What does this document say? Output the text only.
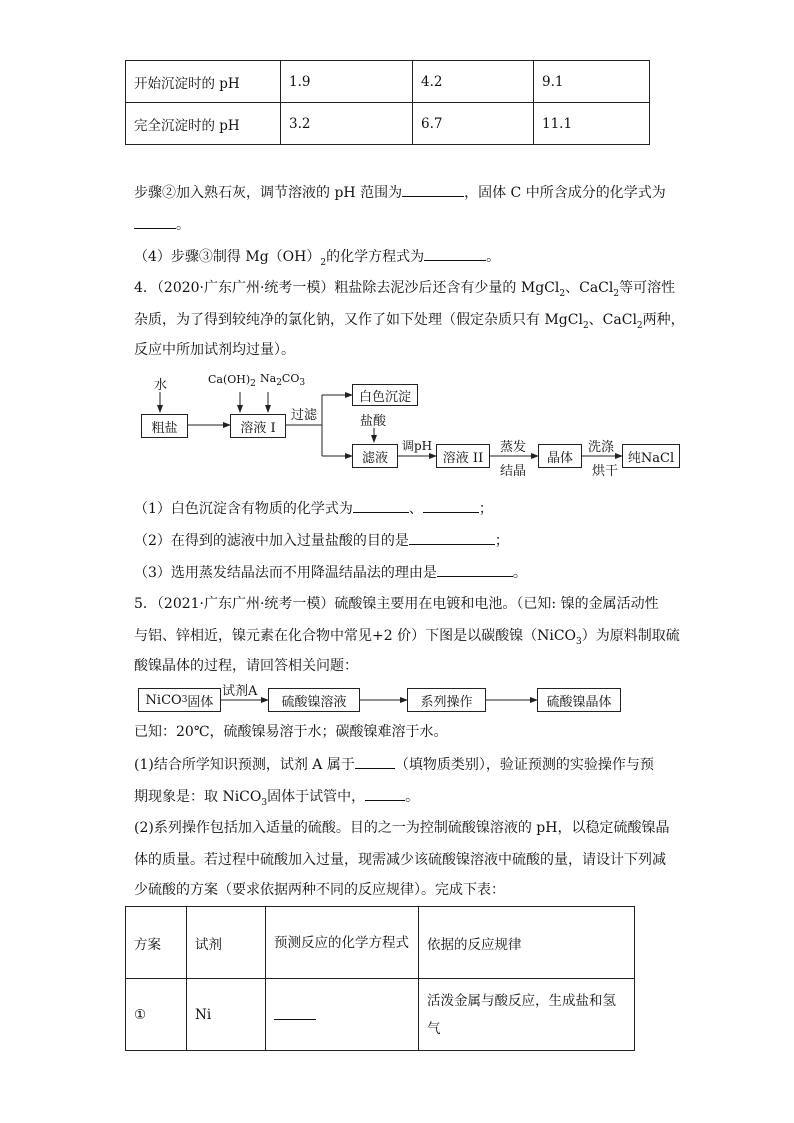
开始沉淀时的 pH	1.9	4.2	9.1
完全沉淀时的 pH	3.2	6.7	11.1
步骤②加入熟石灰，调节溶液的 pH 范围为	，固体 C 中所含成分的化学式为
。
（4）步骤③制得 $Mg(OH)_2$的化学方程式为	。
4．（2020·广东广州·统考一模）粗盐除去泥沙后还含有少量的 MgCl$_2$、CaCl$_2$等可溶性
杂质，为了得到较纯净的氯化钠，又作了如下处理（假定杂质只有 MgCl$_2$、CaCl$_2$两种，
反应中所加试剂均过量）。
水	$Ca(OH)_2$ $Na_2CO_3$
粗盐	溶液 I
过滤
白色沉淀
盐酸
滤液
调pH
溶液 II
蒸发
结晶
晶体
洗涤
烘干
纯NaCl
（1）白色沉淀含有物质的化学式为	、	；
（2）在得到的滤液中加入过量盐酸的目的是	；
（3）选用蒸发结晶法而不用降温结晶法的理由是	。
5．（2021·广东广州·统考一模）硫酸镍主要用在电镀和电池。（已知: 镍的金属活动性
与铝、锌相近，镍元素在化合物中常见+2 价）下图是以碳酸镍（NiCO$_3$）为原料制取硫
酸镍晶体的过程，请回答相关问题：
NiCO 3 固体
试剂A
硫酸镍溶液	系列操作	硫酸镍晶体
已知：20℃，硫酸镍易溶于水；碳酸镍难溶于水。
(1)结合所学知识预测，试剂 A 属于	（填物质类别），验证预测的实验操作与预
期现象是：取 NiCO$_3$固体于试管中，	。
(2)系列操作包括加入适量的硫酸。目的之一为控制硫酸镍溶液的 pH，以稳定硫酸镍晶
体的质量。若过程中硫酸加入过量，现需减少该硫酸镍溶液中硫酸的量，请设计下列减
少硫酸的方案（要求依据两种不同的反应规律）。完成下表：
方案	试剂	预测反应的化学方程式	依据的反应规律
①	Ni		活泼金属与酸反应，生成盐和氢气
